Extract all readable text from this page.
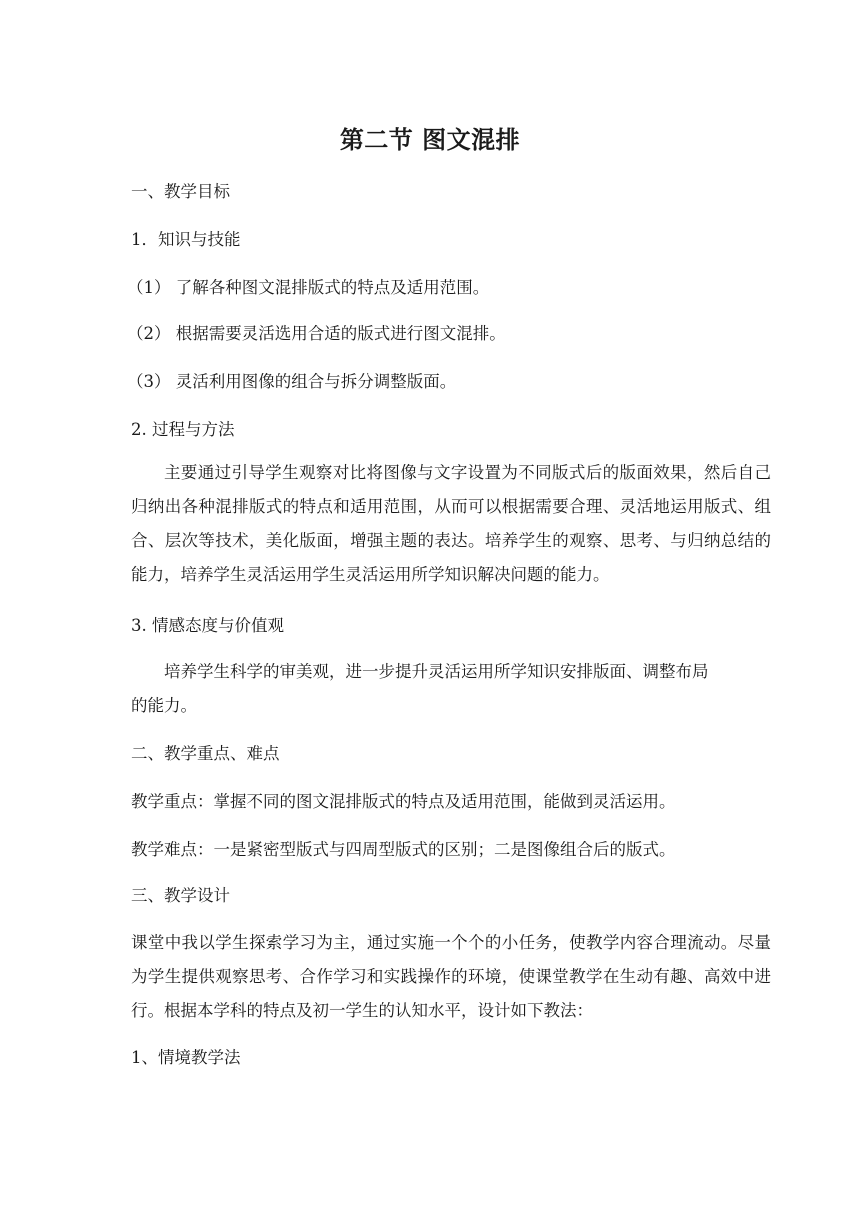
第二节 图文混排
一、教学目标
1．知识与技能
（1） 了解各种图文混排版式的特点及适用范围。
（2） 根据需要灵活选用合适的版式进行图文混排。
（3） 灵活利用图像的组合与拆分调整版面。
2. 过程与方法
主要通过引导学生观察对比将图像与文字设置为不同版式后的版面效果，然后自己归纳出各种混排版式的特点和适用范围，从而可以根据需要合理、灵活地运用版式、组合、层次等技术，美化版面，增强主题的表达。培养学生的观察、思考、与归纳总结的能力，培养学生灵活运用学生灵活运用所学知识解决问题的能力。
3. 情感态度与价值观
培养学生科学的审美观，进一步提升灵活运用所学知识安排版面、调整布局
的能力。
二、教学重点、难点
教学重点：掌握不同的图文混排版式的特点及适用范围，能做到灵活运用。
教学难点：一是紧密型版式与四周型版式的区别；二是图像组合后的版式。
三、教学设计
课堂中我以学生探索学习为主，通过实施一个个的小任务，使教学内容合理流动。尽量为学生提供观察思考、合作学习和实践操作的环境，使课堂教学在生动有趣、高效中进行。根据本学科的特点及初一学生的认知水平，设计如下教法：
1、情境教学法
